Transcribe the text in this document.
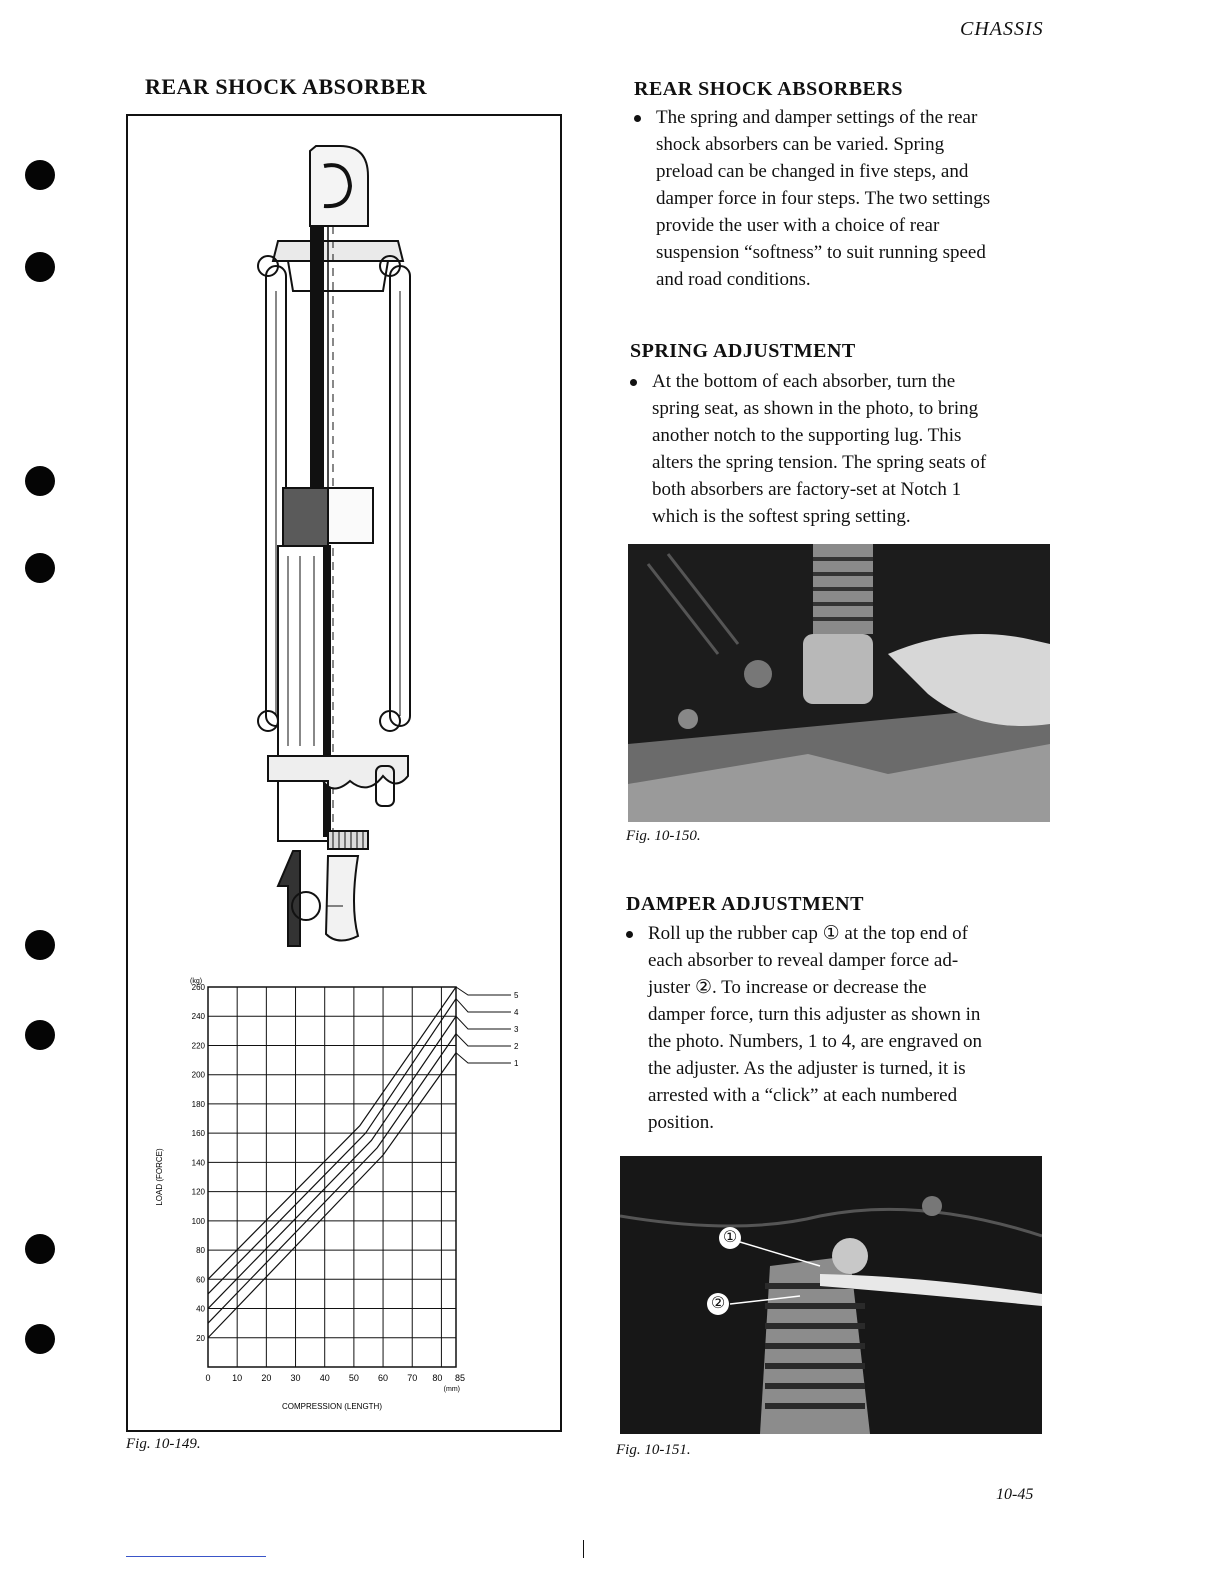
CHASSIS
REAR SHOCK ABSORBER
0 10 20 30 40 50 60 70 80 85
20
40
60
80
100
120
140
160
180
200
220
240
260
(kg)
(mm)
COMPRESSION (LENGTH)
LOAD (FORCE)
5
4
3
2
1
Fig. 10-149.
REAR SHOCK ABSORBERS
The spring and damper settings of the rear
shock absorbers can be varied. Spring
preload can be changed in five steps, and
damper force in four steps. The two settings
provide the user with a choice of rear
suspension “softness” to suit running speed
and road conditions.
SPRING ADJUSTMENT
At the bottom of each absorber, turn the
spring seat, as shown in the photo, to bring
another notch to the supporting lug. This
alters the spring tension. The spring seats of
both absorbers are factory-set at Notch 1
which is the softest spring setting.
Fig. 10-150.
DAMPER ADJUSTMENT
Roll up the rubber cap ① at the top end of
each absorber to reveal damper force ad-
juster ②. To increase or decrease the
damper force, turn this adjuster as shown in
the photo. Numbers, 1 to 4, are engraved on
the adjuster. As the adjuster is turned, it is
arrested with a “click” at each numbered
position.
①
②
Fig. 10-151.
10-45
